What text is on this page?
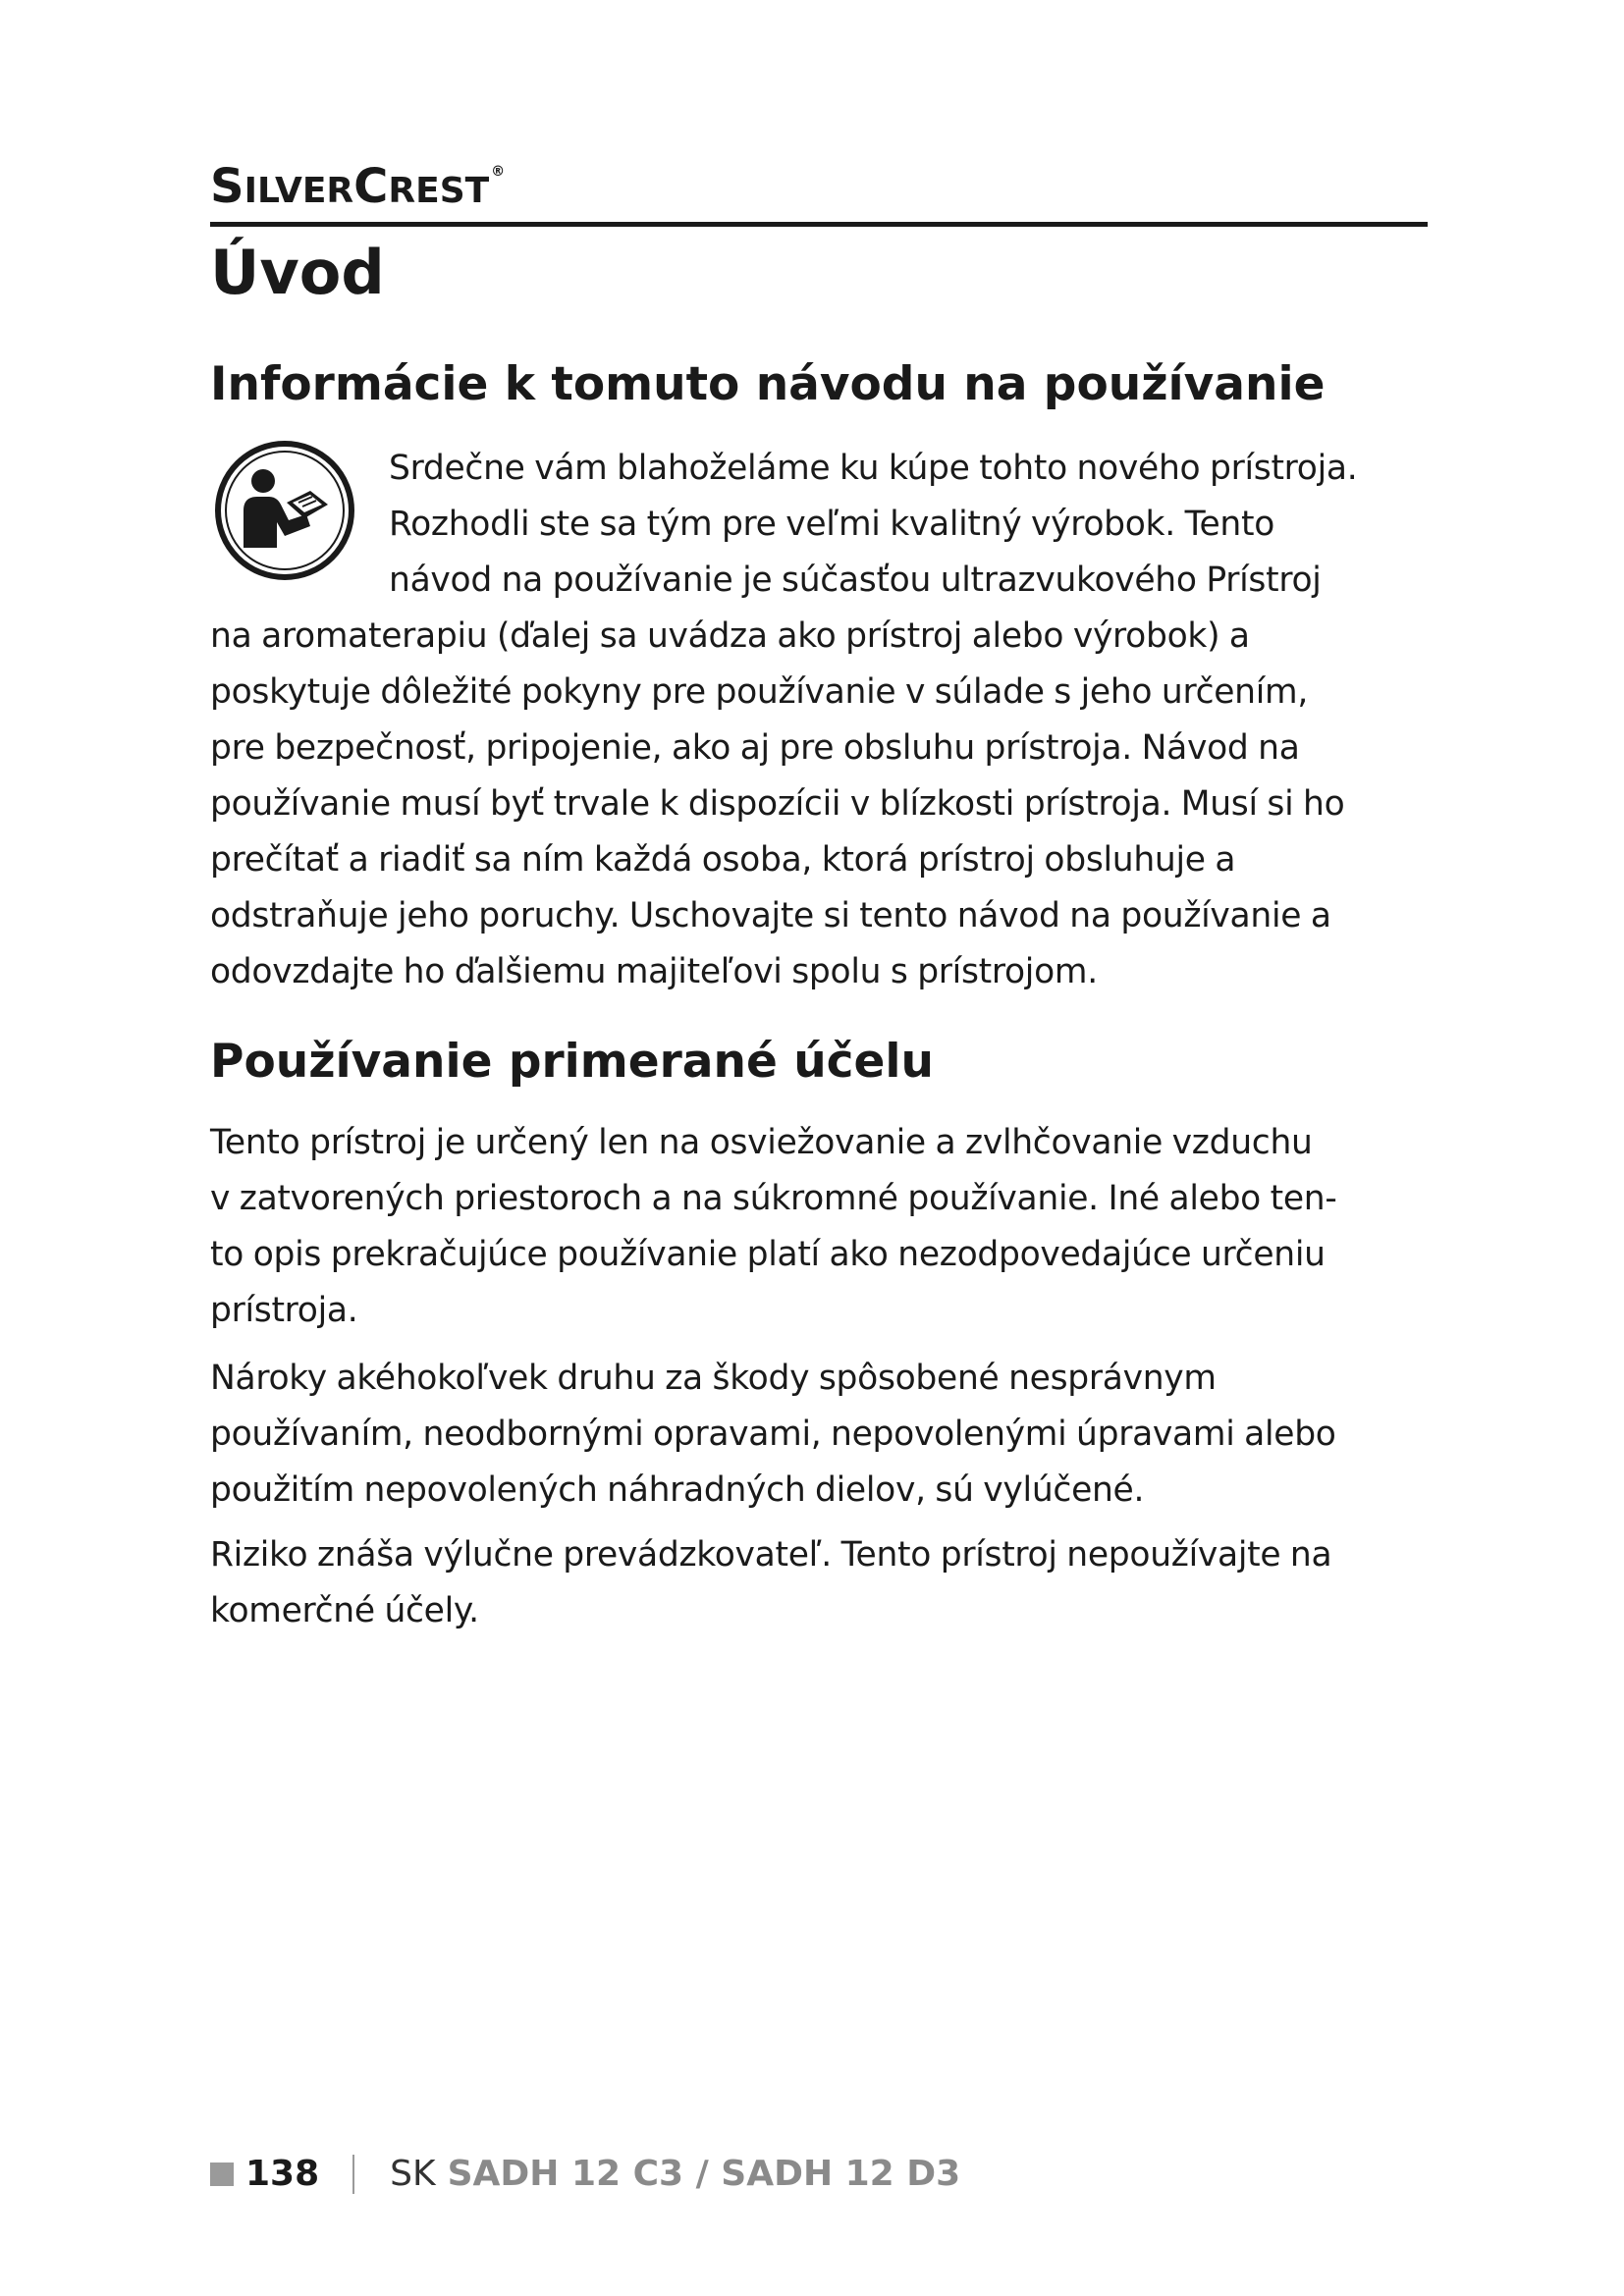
SILVERCREST ®
Úvod
Informácie k tomuto návodu na používanie
Srdečne vám blahoželáme ku kúpe tohto nového prístroja.
Rozhodli ste sa tým pre veľmi kvalitný výrobok. Tento
návod na používanie je súčasťou ultrazvukového Prístroj
na aromaterapiu (ďalej sa uvádza ako prístroj alebo výrobok) a
poskytuje dôležité pokyny pre používanie v súlade s jeho určením,
pre bezpečnosť, pripojenie, ako aj pre obsluhu prístroja. Návod na
používanie musí byť trvale k dispozícii v blízkosti prístroja. Musí si ho
prečítať a riadiť sa ním každá osoba, ktorá prístroj obsluhuje a
odstraňuje jeho poruchy. Uschovajte si tento návod na používanie a
odovzdajte ho ďalšiemu majiteľovi spolu s prístrojom.
Používanie primerané účelu
Tento prístroj je určený len na osviežovanie a zvlhčovanie vzduchu
v zatvorených priestoroch a na súkromné používanie. Iné alebo ten-
to opis prekračujúce používanie platí ako nezodpovedajúce určeniu
prístroja.
Nároky akéhokoľvek druhu za škody spôsobené nesprávnym
používaním, neodbornými opravami, nepovolenými úpravami alebo
použitím nepovolených náhradných dielov, sú vylúčené.
Riziko znáša výlučne prevádzkovateľ. Tento prístroj nepoužívajte na
komerčné účely.
138 SK SADH 12 C3 / SADH 12 D3
